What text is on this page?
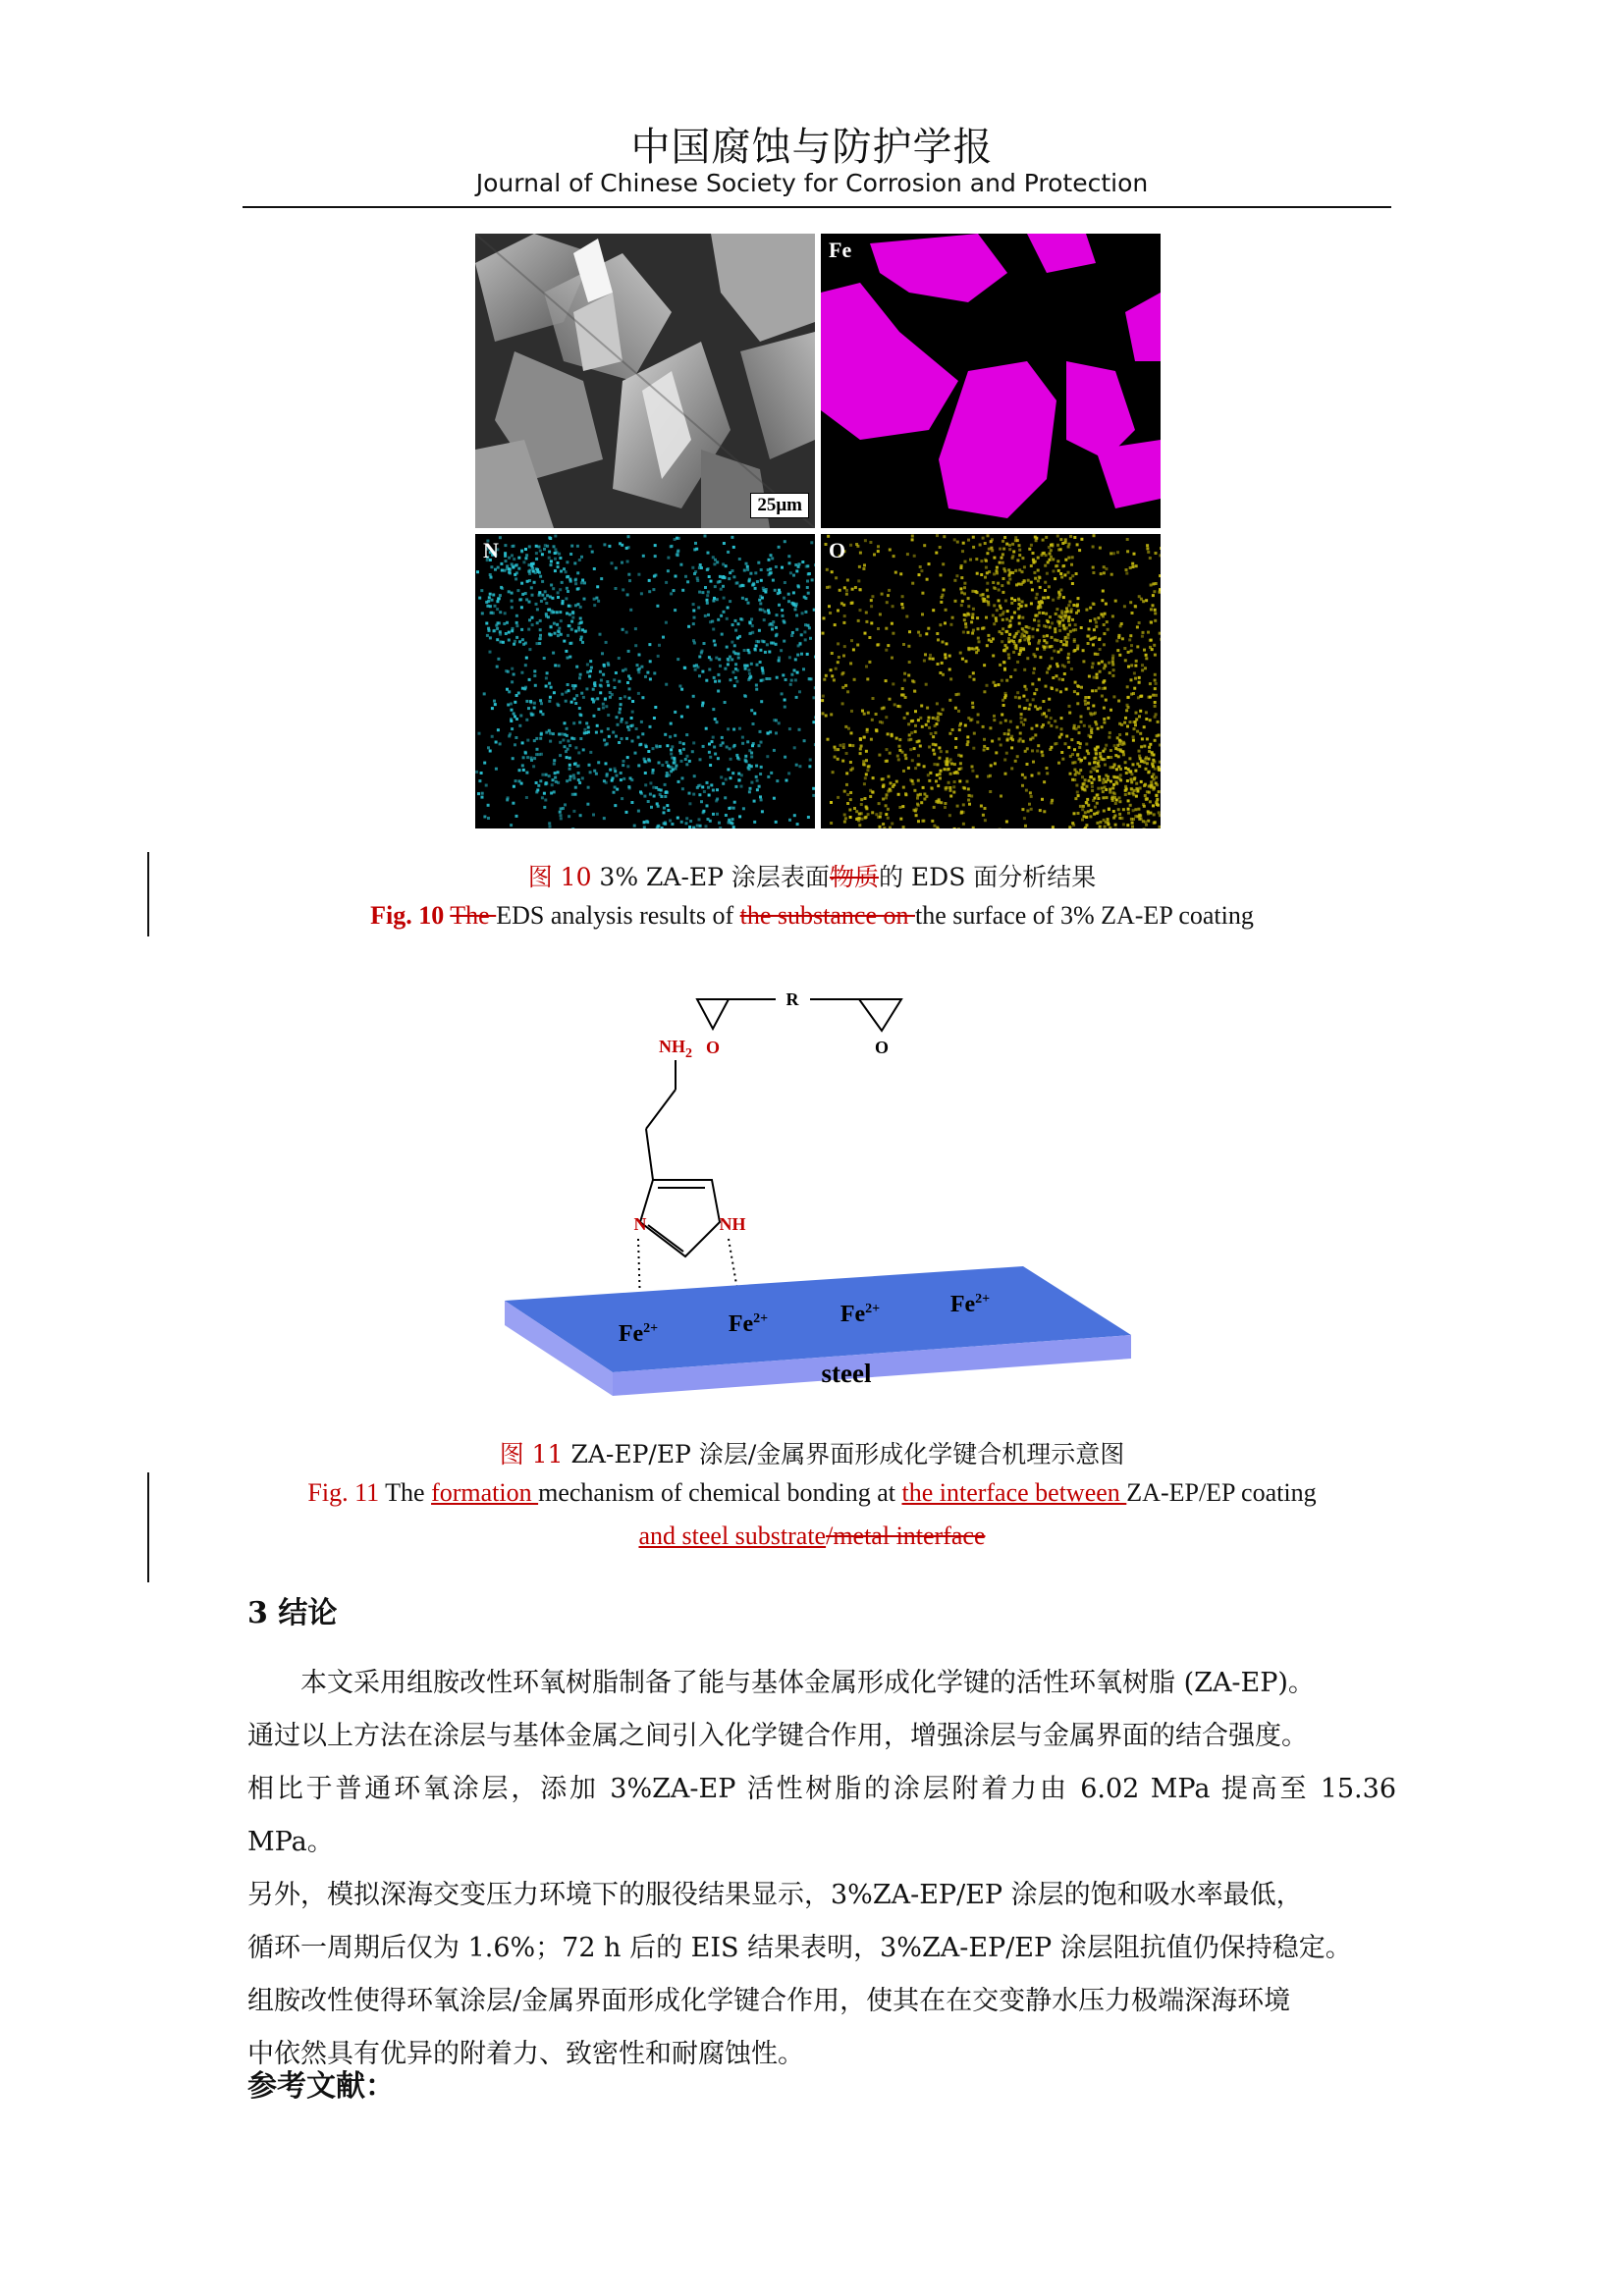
中国腐蚀与防护学报
Journal of Chinese Society for Corrosion and Protection
25μm
Fe
N	O
图 10 3% ZA-EP 涂层表面物质的 EDS 面分析结果
Fig. 10 The EDS analysis results of the substance on the surface of 3% ZA-EP coating
R
O	O
$NH_2$
N	NH
$Fe^{2+}$	$Fe^{2+}$	$Fe^{2+}$	$Fe^{2+}$
steel
图 11 ZA-EP/EP 涂层/金属界面形成化学键合机理示意图
Fig. 11 The formation mechanism of chemical bonding at the interface between ZA-EP/EP coating
and steel substrate/metal interface
3 结论

本文采用组胺改性环氧树脂制备了能与基体金属形成化学键的活性环氧树脂 (ZA-EP)。

通过以上方法在涂层与基体金属之间引入化学键合作用，增强涂层与金属界面的结合强度。

相比于普通环氧涂层，添加 3%ZA-EP 活性树脂的涂层附着力由 6.02 MPa 提高至 15.36 MPa。

另外，模拟深海交变压力环境下的服役结果显示，3%ZA-EP/EP 涂层的饱和吸水率最低，

循环一周期后仅为 1.6%；72 h 后的 EIS 结果表明，3%ZA-EP/EP 涂层阻抗值仍保持稳定。

组胺改性使得环氧涂层/金属界面形成化学键合作用，使其在在交变静水压力极端深海环境

中依然具有优异的附着力、致密性和耐腐蚀性。

参考文献：
